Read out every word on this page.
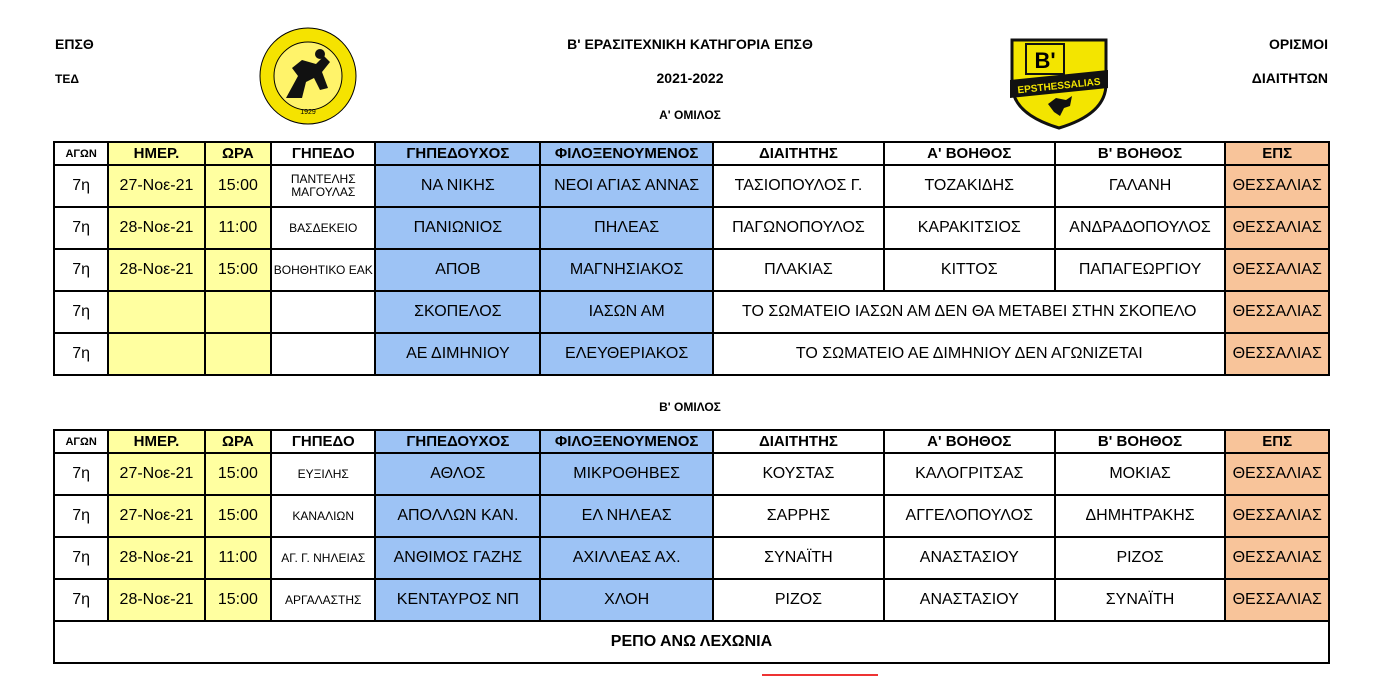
ΕΠΣΘ
ΤΕΔ
1929
Β' ΕΡΑΣΙΤΕΧΝΙΚΗ ΚΑΤΗΓΟΡΙΑ ΕΠΣΘ
2021-2022
Α' ΟΜΙΛΟΣ
B'
EPSTHESSALIAS
ΟΡΙΣΜΟΙ
ΔΙΑΙΤΗΤΩΝ
ΑΓΩΝ	ΗΜΕΡ.	ΩΡΑ	ΓΗΠΕΔΟ	ΓΗΠΕΔΟΥΧΟΣ	ΦΙΛΟΞΕΝΟΥΜΕΝΟΣ	ΔΙΑΙΤΗΤΗΣ	Α' ΒΟΗΘΟΣ	Β' ΒΟΗΘΟΣ	ΕΠΣ
7η	27-Νοε-21	15:00	ΠΑΝΤΕΛΗΣ ΜΑΓΟΥΛΑΣ	ΝΑ ΝΙΚΗΣ	ΝΕΟΙ ΑΓΙΑΣ ΑΝΝΑΣ	ΤΑΣΙΟΠΟΥΛΟΣ Γ.	ΤΟΖΑΚΙΔΗΣ	ΓΑΛΑΝΗ	ΘΕΣΣΑΛΙΑΣ
7η	28-Νοε-21	11:00	ΒΑΣΔΕΚΕΙΟ	ΠΑΝΙΩΝΙΟΣ	ΠΗΛΕΑΣ	ΠΑΓΩΝΟΠΟΥΛΟΣ	ΚΑΡΑΚΙΤΣΙΟΣ	ΑΝΔΡΑΔΟΠΟΥΛΟΣ	ΘΕΣΣΑΛΙΑΣ
7η	28-Νοε-21	15:00	ΒΟΗΘΗΤΙΚΟ ΕΑΚ	ΑΠΟΒ	ΜΑΓΝΗΣΙΑΚΟΣ	ΠΛΑΚΙΑΣ	ΚΙΤΤΟΣ	ΠΑΠΑΓΕΩΡΓΙΟΥ	ΘΕΣΣΑΛΙΑΣ
7η				ΣΚΟΠΕΛΟΣ	ΙΑΣΩΝ ΑΜ	ΤΟ ΣΩΜΑΤΕΙΟ ΙΑΣΩΝ ΑΜ ΔΕΝ ΘΑ ΜΕΤΑΒΕΙ ΣΤΗΝ ΣΚΟΠΕΛΟ			ΘΕΣΣΑΛΙΑΣ
7η				ΑΕ ΔΙΜΗΝΙΟΥ	ΕΛΕΥΘΕΡΙΑΚΟΣ	ΤΟ ΣΩΜΑΤΕΙΟ ΑΕ ΔΙΜΗΝΙΟΥ ΔΕΝ ΑΓΩΝΙΖΕΤΑΙ			ΘΕΣΣΑΛΙΑΣ
Β' ΟΜΙΛΟΣ
ΑΓΩΝ	ΗΜΕΡ.	ΩΡΑ	ΓΗΠΕΔΟ	ΓΗΠΕΔΟΥΧΟΣ	ΦΙΛΟΞΕΝΟΥΜΕΝΟΣ	ΔΙΑΙΤΗΤΗΣ	Α' ΒΟΗΘΟΣ	Β' ΒΟΗΘΟΣ	ΕΠΣ
7η	27-Νοε-21	15:00	ΕΥΞΙΛΗΣ	ΑΘΛΟΣ	ΜΙΚΡΟΘΗΒΕΣ	ΚΟΥΣΤΑΣ	ΚΑΛΟΓΡΙΤΣΑΣ	ΜΟΚΙΑΣ	ΘΕΣΣΑΛΙΑΣ
7η	27-Νοε-21	15:00	ΚΑΝΑΛΙΩΝ	ΑΠΟΛΛΩΝ ΚΑΝ.	ΕΛ ΝΗΛΕΑΣ	ΣΑΡΡΗΣ	ΑΓΓΕΛΟΠΟΥΛΟΣ	ΔΗΜΗΤΡΑΚΗΣ	ΘΕΣΣΑΛΙΑΣ
7η	28-Νοε-21	11:00	ΑΓ. Γ. ΝΗΛΕΙΑΣ	ΑΝΘΙΜΟΣ ΓΑΖΗΣ	ΑΧΙΛΛΕΑΣ ΑΧ.	ΣΥΝΑΪΤΗ	ΑΝΑΣΤΑΣΙΟΥ	ΡΙΖΟΣ	ΘΕΣΣΑΛΙΑΣ
7η	28-Νοε-21	15:00	ΑΡΓΑΛΑΣΤΗΣ	ΚΕΝΤΑΥΡΟΣ ΝΠ	ΧΛΟΗ	ΡΙΖΟΣ	ΑΝΑΣΤΑΣΙΟΥ	ΣΥΝΑΪΤΗ	ΘΕΣΣΑΛΙΑΣ
ΡΕΠΟ ΑΝΩ ΛΕΧΩΝΙΑ									
